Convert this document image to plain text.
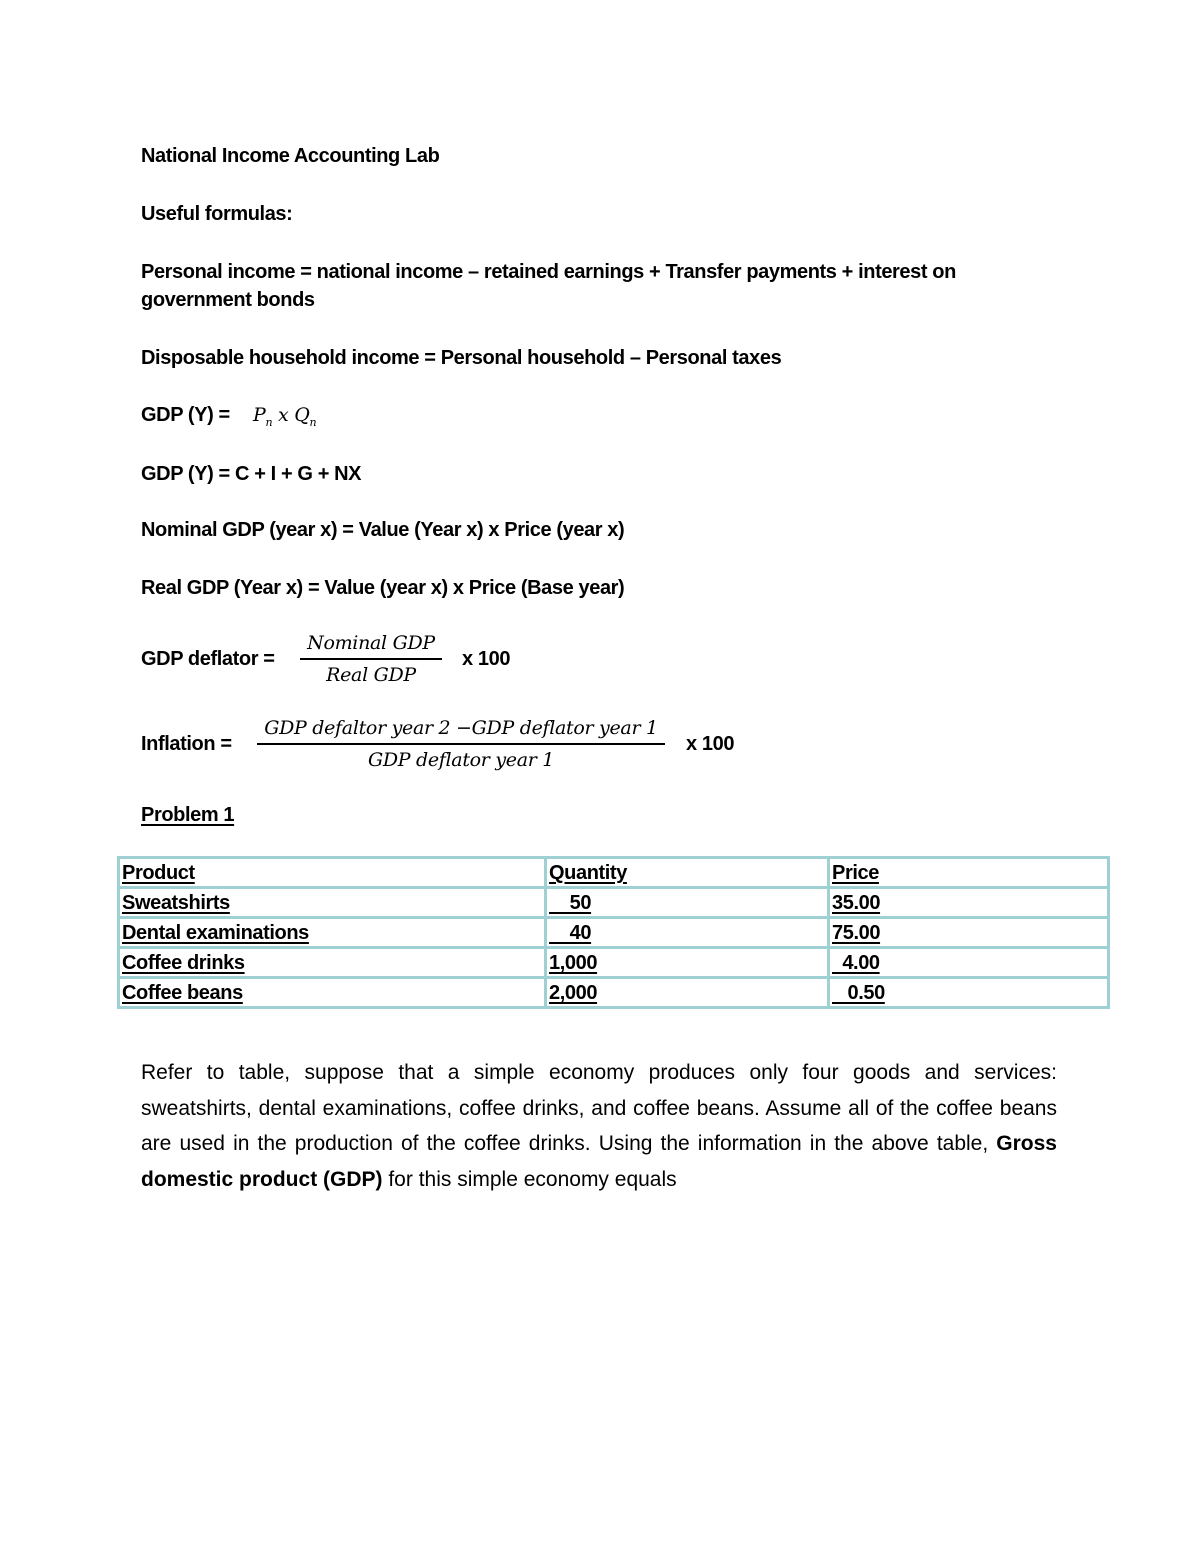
National Income Accounting Lab
Useful formulas:
Personal income = national income – retained earnings + Transfer payments + interest on
government bonds
Disposable household income = Personal household – Personal taxes
GDP $(Y) = P_n$ x $Q_n$
GDP (Y) = C + I + G + NX
Nominal GDP (year x) = Value (Year x) x Price (year x)
Real GDP (Year x) = Value (year x) x Price (Base year)
GDP deflator =
Nominal GDP
Real GDP
x 100
Inflation =
GDP defaltor year 2 −GDP deflator year 1
GDP deflator year 1
x 100
Problem 1
Product	Quantity	Price
Sweatshirts	50	35.00
Dental examinations	40	75.00
Coffee drinks	1,000	4.00
Coffee beans	2,000	0.50
Refer to table, suppose that a simple economy produces only four goods and services: sweatshirts, dental examinations, coffee drinks, and coffee beans. Assume all of the coffee beans are used in the production of the coffee drinks. Using the information in the above table, Gross domestic product (GDP) for this simple economy equals
